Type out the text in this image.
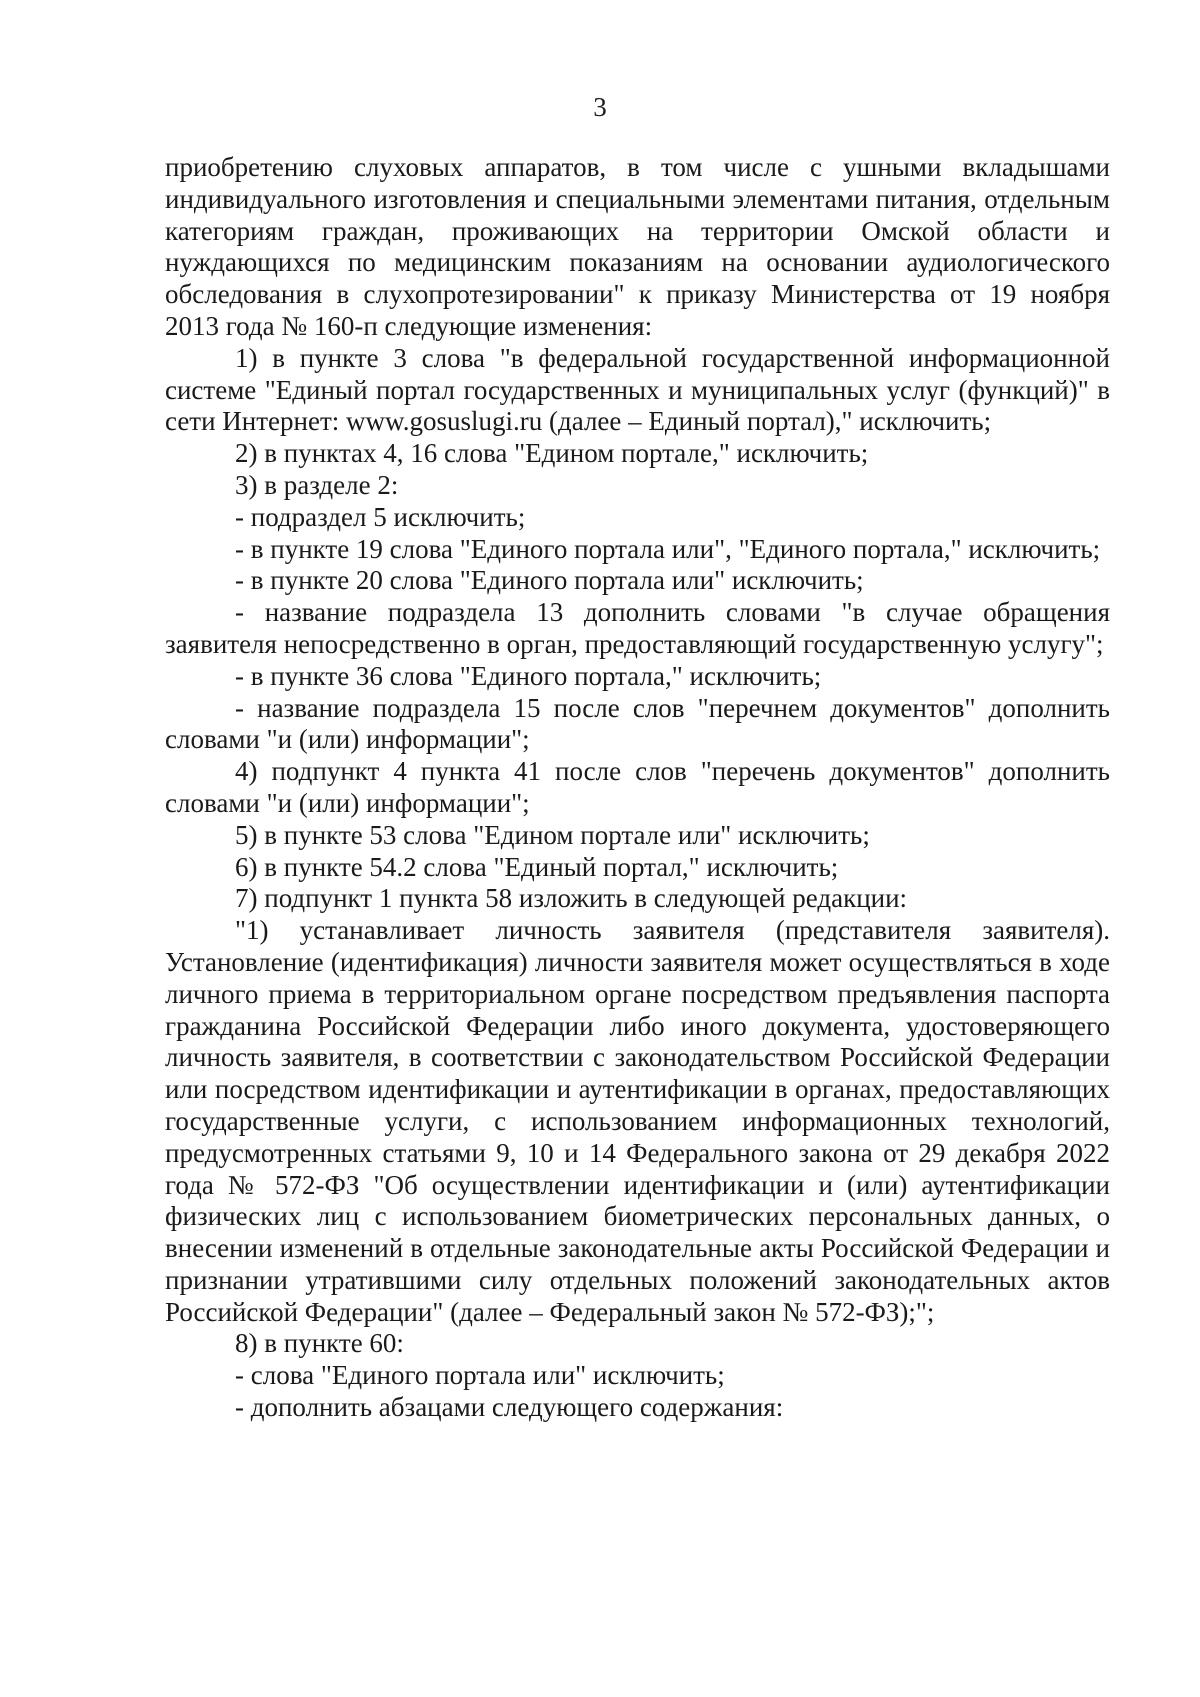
3

приобретению слуховых аппаратов, в том числе с ушными вкладышами индивидуального изготовления и специальными элементами питания, отдельным категориям граждан, проживающих на территории Омской области и нуждающихся по медицинским показаниям на основании аудиологического обследования в слухопротезировании" к приказу Министерства от 19 ноября 2013 года № 160-п следующие изменения:

1) в пункте 3 слова "в федеральной государственной информационной системе "Единый портал государственных и муниципальных услуг (функций)" в сети Интернет: www.gosuslugi.ru (далее – Единый портал)," исключить;

2) в пунктах 4, 16 слова "Едином портале," исключить;

3) в разделе 2:

- подраздел 5 исключить;

- в пункте 19 слова "Единого портала или", "Единого портала," исключить;

- в пункте 20 слова "Единого портала или" исключить;

- название подраздела 13 дополнить словами "в случае обращения заявителя непосредственно в орган, предоставляющий государственную услугу";

- в пункте 36 слова "Единого портала," исключить;

- название подраздела 15 после слов "перечнем документов" дополнить словами "и (или) информации";

4) подпункт 4 пункта 41 после слов "перечень документов" дополнить словами "и (или) информации";

5) в пункте 53 слова "Едином портале или" исключить;

6) в пункте 54.2 слова "Единый портал," исключить;

7) подпункт 1 пункта 58 изложить в следующей редакции:

"1) устанавливает личность заявителя (представителя заявителя). Установление (идентификация) личности заявителя может осуществляться в ходе личного приема в территориальном органе посредством предъявления паспорта гражданина Российской Федерации либо иного документа, удостоверяющего личность заявителя, в соответствии с законодательством Российской Федерации или посредством идентификации и аутентификации в органах, предоставляющих государственные услуги, с использованием информационных технологий, предусмотренных статьями 9, 10 и 14 Федерального закона от 29 декабря 2022 года № 572-ФЗ "Об осуществлении идентификации и (или) аутентификации физических лиц с использованием биометрических персональных данных, о внесении изменений в отдельные законодательные акты Российской Федерации и признании утратившими силу отдельных положений законодательных актов Российской Федерации" (далее – Федеральный закон № 572-ФЗ);";

8) в пункте 60:

- слова "Единого портала или" исключить;

- дополнить абзацами следующего содержания:
